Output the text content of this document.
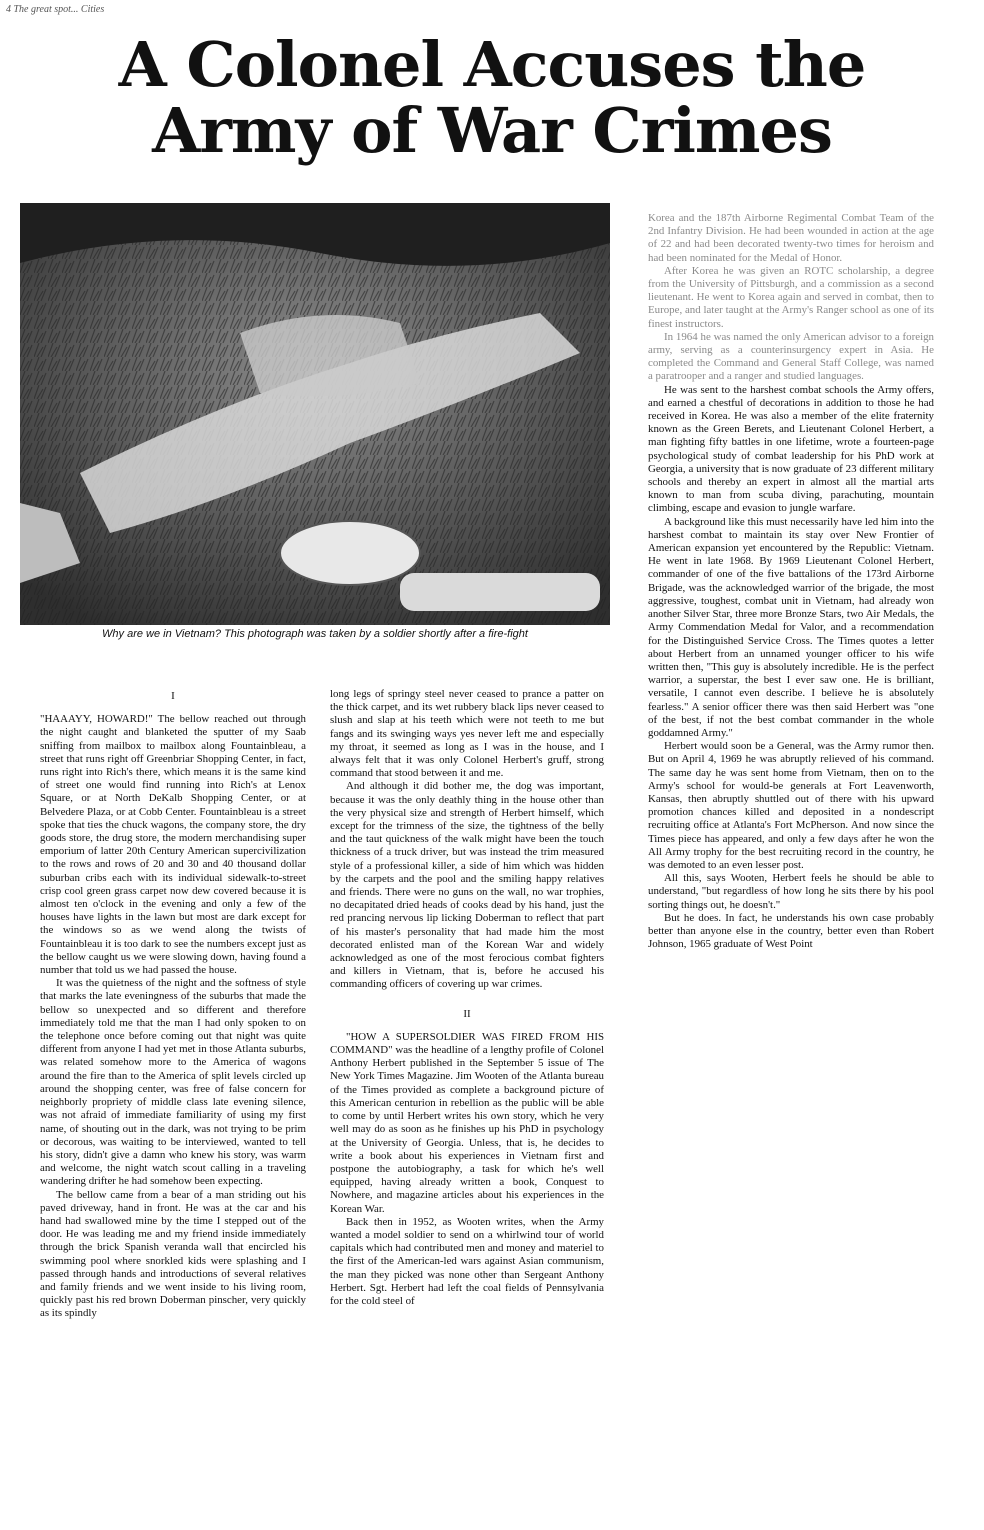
4 The great spot... Cities
A Colonel Accuses the
Army of War Crimes
Why are we in Vietnam? This photograph was taken by a soldier shortly after a fire-fight
I

"HAAAYY, HOWARD!" The bellow reached out through the night caught and blanketed the sputter of my Saab sniffing from mailbox to mailbox along Fountainbleau, a street that runs right off Greenbriar Shopping Center, in fact, runs right into Rich's there, which means it is the same kind of street one would find running into Rich's at Lenox Square, or at North DeKalb Shopping Center, or at Belvedere Plaza, or at Cobb Center. Fountainbleau is a street spoke that ties the chuck wagons, the company store, the dry goods store, the drug store, the modern merchandising super emporium of latter 20th Century American supercivilization to the rows and rows of 20 and 30 and 40 thousand dollar suburban cribs each with its individual sidewalk-to-street crisp cool green grass carpet now dew covered because it is almost ten o'clock in the evening and only a few of the houses have lights in the lawn but most are dark except for the windows so as we wend along the twists of Fountainbleau it is too dark to see the numbers except just as the bellow caught us we were slowing down, having found a number that told us we had passed the house.

It was the quietness of the night and the softness of style that marks the late eveningness of the suburbs that made the bellow so unexpected and so different and therefore immediately told me that the man I had only spoken to on the telephone once before coming out that night was quite different from anyone I had yet met in those Atlanta suburbs, was related somehow more to the America of wagons around the fire than to the America of split levels circled up around the shopping center, was free of false concern for neighborly propriety of middle class late evening silence, was not afraid of immediate familiarity of using my first name, of shouting out in the dark, was not trying to be prim or decorous, was waiting to be interviewed, wanted to tell his story, didn't give a damn who knew his story, was warm and welcome, the night watch scout calling in a traveling wandering drifter he had somehow been expecting.

The bellow came from a bear of a man striding out his paved driveway, hand in front. He was at the car and his hand had swallowed mine by the time I stepped out of the door. He was leading me and my friend inside immediately through the brick Spanish veranda wall that encircled his swimming pool where snorkled kids were splashing and I passed through hands and introductions of several relatives and family friends and we went inside to his living room, quickly past his red brown Doberman pinscher, very quickly as its spindly

long legs of springy steel never ceased to prance a patter on the thick carpet, and its wet rubbery black lips never ceased to slush and slap at his teeth which were not teeth to me but fangs and its swinging ways yes never left me and especially my throat, it seemed as long as I was in the house, and I always felt that it was only Colonel Herbert's gruff, strong command that stood between it and me.

And although it did bother me, the dog was important, because it was the only deathly thing in the house other than the very physical size and strength of Herbert himself, which except for the trimness of the size, the tightness of the belly and the taut quickness of the walk might have been the touch thickness of a truck driver, but was instead the trim measured style of a professional killer, a side of him which was hidden by the carpets and the pool and the smiling happy relatives and friends. There were no guns on the wall, no war trophies, no decapitated dried heads of cooks dead by his hand, just the red prancing nervous lip licking Doberman to reflect that part of his master's personality that had made him the most decorated enlisted man of the Korean War and widely acknowledged as one of the most ferocious combat fighters and killers in Vietnam, that is, before he accused his commanding officers of covering up war crimes.

II

"HOW A SUPERSOLDIER WAS FIRED FROM HIS COMMAND" was the headline of a lengthy profile of Colonel Anthony Herbert published in the September 5 issue of The New York Times Magazine. Jim Wooten of the Atlanta bureau of the Times provided as complete a background picture of this American centurion in rebellion as the public will be able to come by until Herbert writes his own story, which he very well may do as soon as he finishes up his PhD in psychology at the University of Georgia. Unless, that is, he decides to write a book about his experiences in Vietnam first and postpone the autobiography, a task for which he's well equipped, having already written a book, Conquest to Nowhere, and magazine articles about his experiences in the Korean War.

Back then in 1952, as Wooten writes, when the Army wanted a model soldier to send on a whirlwind tour of world capitals which had contributed men and money and materiel to the first of the American-led wars against Asian communism, the man they picked was none other than Sergeant Anthony Herbert. Sgt. Herbert had left the coal fields of Pennsylvania for the cold steel of

Korea and the 187th Airborne Regimental Combat Team of the 2nd Infantry Division. He had been wounded in action at the age of 22 and had been decorated twenty-two times for heroism and had been nominated for the Medal of Honor.

After Korea he was given an ROTC scholarship, a degree from the University of Pittsburgh, and a commission as a second lieutenant. He went to Korea again and served in combat, then to Europe, and later taught at the Army's Ranger school as one of its finest instructors.

In 1964 he was named the only American advisor to a foreign army, serving as a counterinsurgency expert in Asia. He completed the Command and General Staff College, was named a paratrooper and a ranger and studied languages.

He was sent to the harshest combat schools the Army offers, and earned a chestful of decorations in addition to those he had received in Korea. He was also a member of the elite fraternity known as the Green Berets, and Lieutenant Colonel Herbert, a man fighting fifty battles in one lifetime, wrote a fourteen-page psychological study of combat leadership for his PhD work at Georgia, a university that is now graduate of 23 different military schools and thereby an expert in almost all the martial arts known to man from scuba diving, parachuting, mountain climbing, escape and evasion to jungle warfare.

A background like this must necessarily have led him into the harshest combat to maintain its stay over New Frontier of American expansion yet encountered by the Republic: Vietnam. He went in late 1968. By 1969 Lieutenant Colonel Herbert, commander of one of the five battalions of the 173rd Airborne Brigade, was the acknowledged warrior of the brigade, the most aggressive, toughest, combat unit in Vietnam, had already won another Silver Star, three more Bronze Stars, two Air Medals, the Army Commendation Medal for Valor, and a recommendation for the Distinguished Service Cross. The Times quotes a letter about Herbert from an unnamed younger officer to his wife written then, "This guy is absolutely incredible. He is the perfect warrior, a superstar, the best I ever saw one. He is brilliant, versatile, I cannot even describe. I believe he is absolutely fearless." A senior officer there was then said Herbert was "one of the best, if not the best combat commander in the whole goddamned Army."

Herbert would soon be a General, was the Army rumor then. But on April 4, 1969 he was abruptly relieved of his command. The same day he was sent home from Vietnam, then on to the Army's school for would-be generals at Fort Leavenworth, Kansas, then abruptly shuttled out of there with his upward promotion chances killed and deposited in a nondescript recruiting office at Atlanta's Fort McPherson. And now since the Times piece has appeared, and only a few days after he won the All Army trophy for the best recruiting record in the country, he was demoted to an even lesser post.

All this, says Wooten, Herbert feels he should be able to understand, "but regardless of how long he sits there by his pool sorting things out, he doesn't."

But he does. In fact, he understands his own case probably better than anyone else in the country, better even than Robert Johnson, 1965 graduate of West Point
